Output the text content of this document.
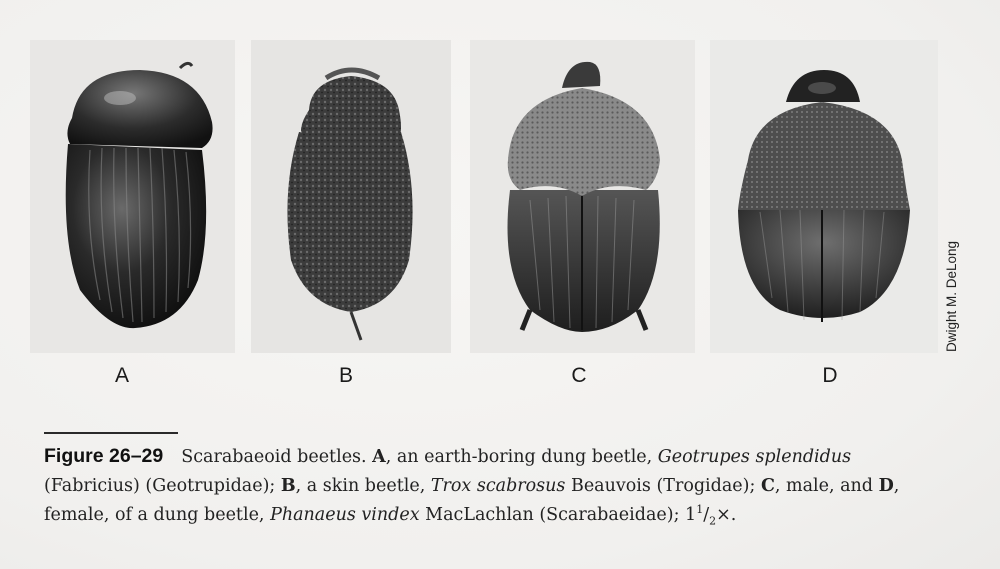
A	B	C	D
Dwight M. DeLong
Figure 26–29 Scarabaeoid beetles. A, an earth-boring dung beetle, Geotrupes splendidus (Fabricius) (Geotrupidae); B, a skin beetle, Trox scabrosus Beauvois (Trogidae); C, male, and D, female, of a dung beetle, Phanaeus vindex MacLachlan (Scarabaeidae); $1^1/_2\times$.
